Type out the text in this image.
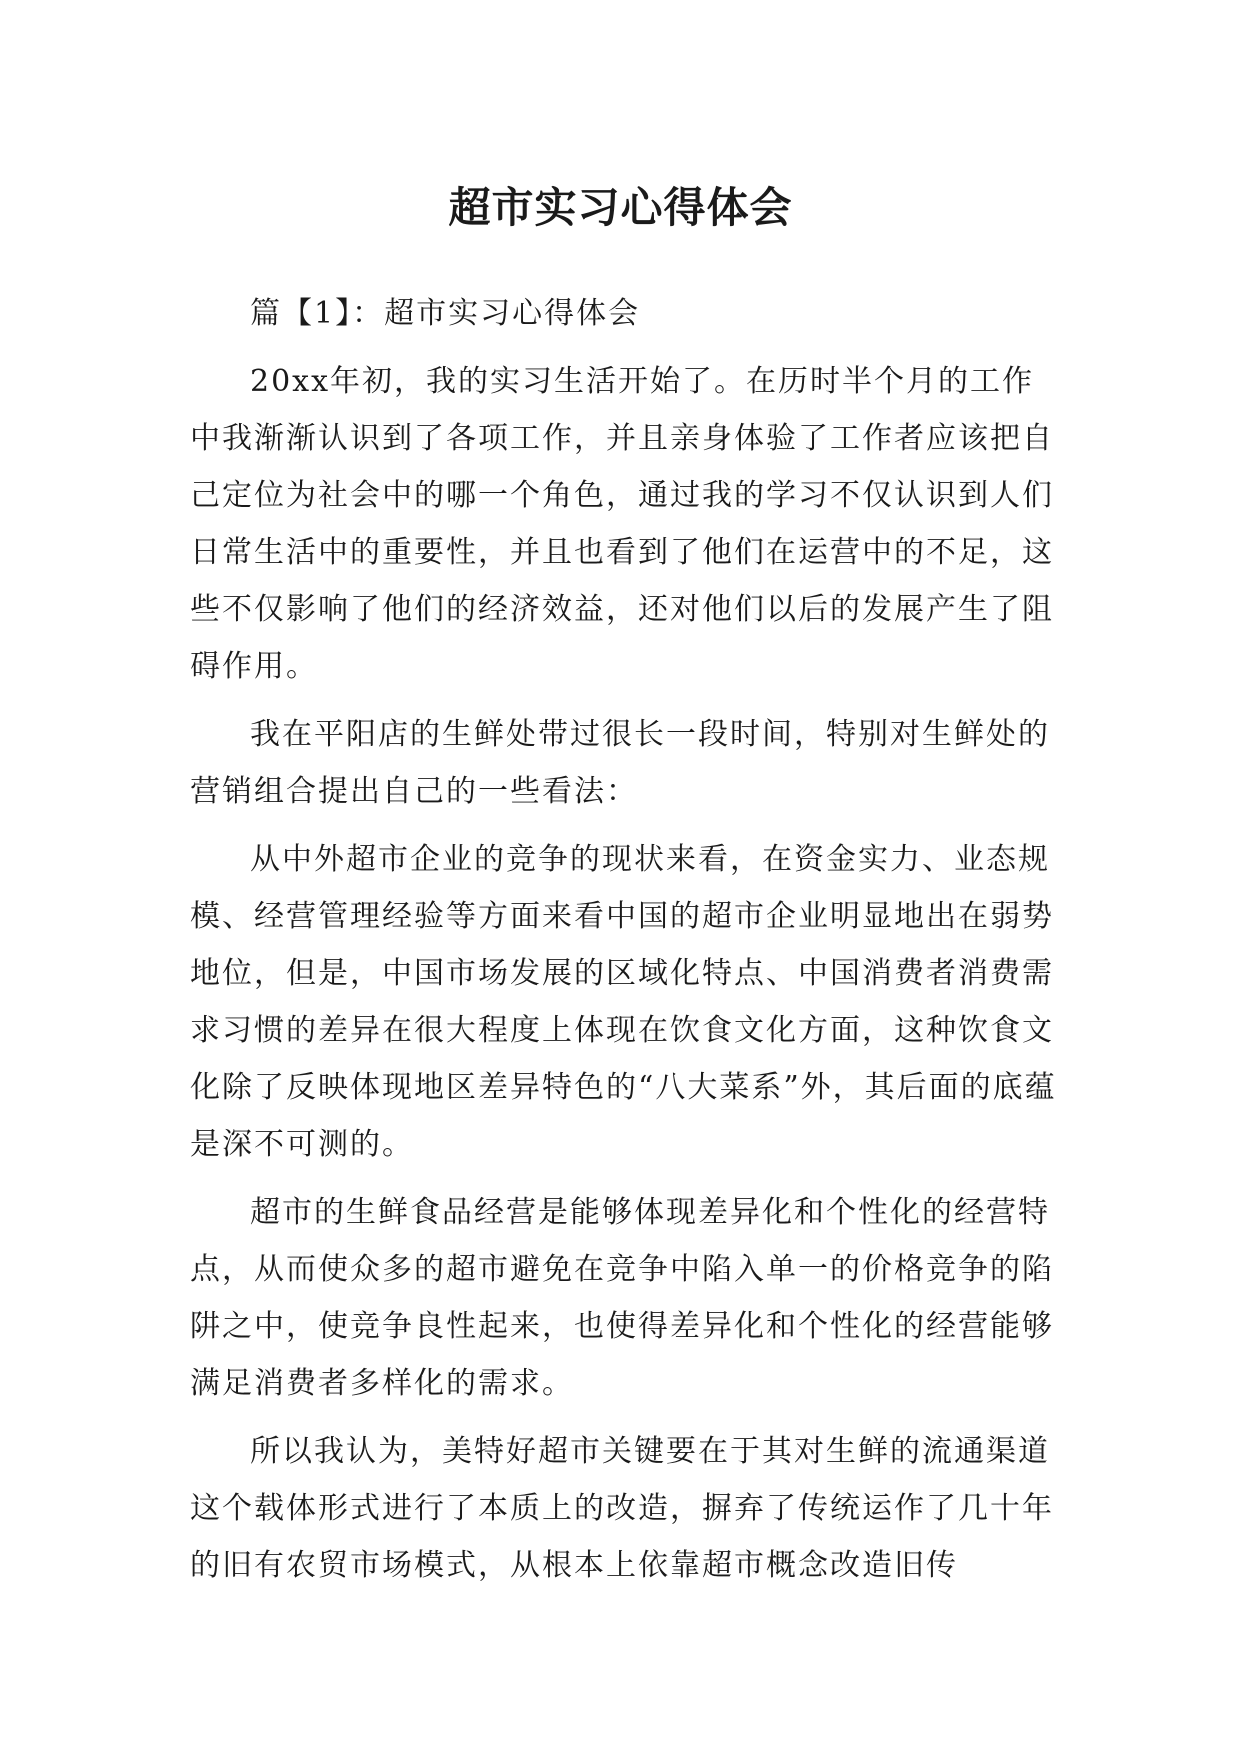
超市实习心得体会

篇【1】：超市实习心得体会

20xx年初，我的实习生活开始了。在历时半个月的工作中我渐渐认识到了各项工作，并且亲身体验了工作者应该把自己定位为社会中的哪一个角色，通过我的学习不仅认识到人们日常生活中的重要性，并且也看到了他们在运营中的不足，这些不仅影响了他们的经济效益，还对他们以后的发展产生了阻碍作用。

我在平阳店的生鲜处带过很长一段时间，特别对生鲜处的营销组合提出自己的一些看法：

从中外超市企业的竞争的现状来看，在资金实力、业态规模、经营管理经验等方面来看中国的超市企业明显地出在弱势地位，但是，中国市场发展的区域化特点、中国消费者消费需求习惯的差异在很大程度上体现在饮食文化方面，这种饮食文化除了反映体现地区差异特色的“八大菜系”外，其后面的底蕴是深不可测的。

超市的生鲜食品经营是能够体现差异化和个性化的经营特点，从而使众多的超市避免在竞争中陷入单一的价格竞争的陷阱之中，使竞争良性起来，也使得差异化和个性化的经营能够满足消费者多样化的需求。

所以我认为，美特好超市关键要在于其对生鲜的流通渠道这个载体形式进行了本质上的改造，摒弃了传统运作了几十年的旧有农贸市场模式，从根本上依靠超市概念改造旧传
